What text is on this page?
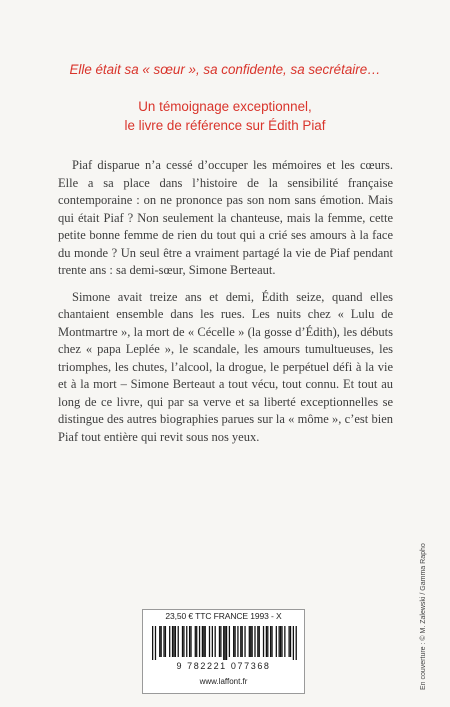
Elle était sa « sœur », sa confidente, sa secrétaire…
Un témoignage exceptionnel,
le livre de référence sur Édith Piaf

Piaf disparue n’a cessé d’occuper les mémoires et les cœurs. Elle a sa place dans l’histoire de la sensibilité française contemporaine : on ne prononce pas son nom sans émotion. Mais qui était Piaf ? Non seulement la chanteuse, mais la femme, cette petite bonne femme de rien du tout qui a crié ses amours à la face du monde ? Un seul être a vraiment partagé la vie de Piaf pendant trente ans : sa demi-sœur, Simone Berteaut.

Simone avait treize ans et demi, Édith seize, quand elles chantaient ensemble dans les rues. Les nuits chez « Lulu de Montmartre », la mort de « Cécelle » (la gosse d’Édith), les débuts chez « papa Leplée », le scandale, les amours tumultueuses, les triomphes, les chutes, l’alcool, la drogue, le perpétuel défi à la vie et à la mort – Simone Berteaut a tout vécu, tout connu. Et tout au long de ce livre, qui par sa verve et sa liberté exceptionnelles se distingue des autres biographies parues sur la « môme », c’est bien Piaf tout entière qui revit sous nos yeux.

23,50 € TTC FRANCE 1993 - X
9 782221 077368
www.laffont.fr	En couverture : © M. Zalewski / Gamma Rapho
